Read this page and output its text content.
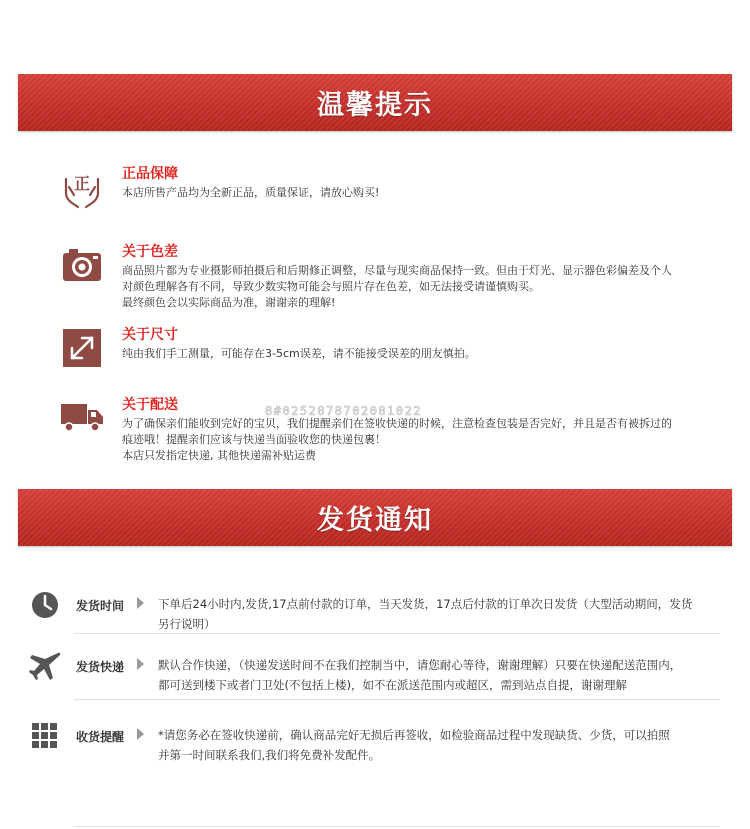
温馨提示
正 正品保障
本店所售产品均为全新正品，质量保证，请放心购买!
关于色差
商品照片都为专业摄影师拍摄后和后期修正调整，尽量与现实商品保持一致。但由于灯光、显示器色彩偏差及个人
对颜色理解各有不同，导致少数实物可能会与照片存在色差，如无法接受请谨慎购买。
最终颜色会以实际商品为准，谢谢亲的理解!
关于尺寸
纯由我们手工测量，可能存在3-5cm误差，请不能接受误差的朋友慎拍。
关于配送
为了确保亲们能收到完好的宝贝，我们提醒亲们在签收快递的时候，注意检查包装是否完好，并且是否有被拆过的
痕迹哦！提醒亲们应该与快递当面验收您的快递包裹！
本店只发指定快递, 其他快递需补贴运费
8#0252878702081022
发货通知
发货时间	下单后24小时内,发货,17点前付款的订单，当天发货，17点后付款的订单次日发货（大型活动期间，发货
另行说明）
发货快递	默认合作快递，（快递发送时间不在我们控制当中，请您耐心等待，谢谢理解）只要在快递配送范围内，
都可送到楼下或者门卫处(不包括上楼)，如不在派送范围内或超区，需到站点自提，谢谢理解
收货提醒	*请您务必在签收快递前，确认商品完好无损后再签收，如检验商品过程中发现缺货、少货，可以拍照
并第一时间联系我们,我们将免费补发配件。
